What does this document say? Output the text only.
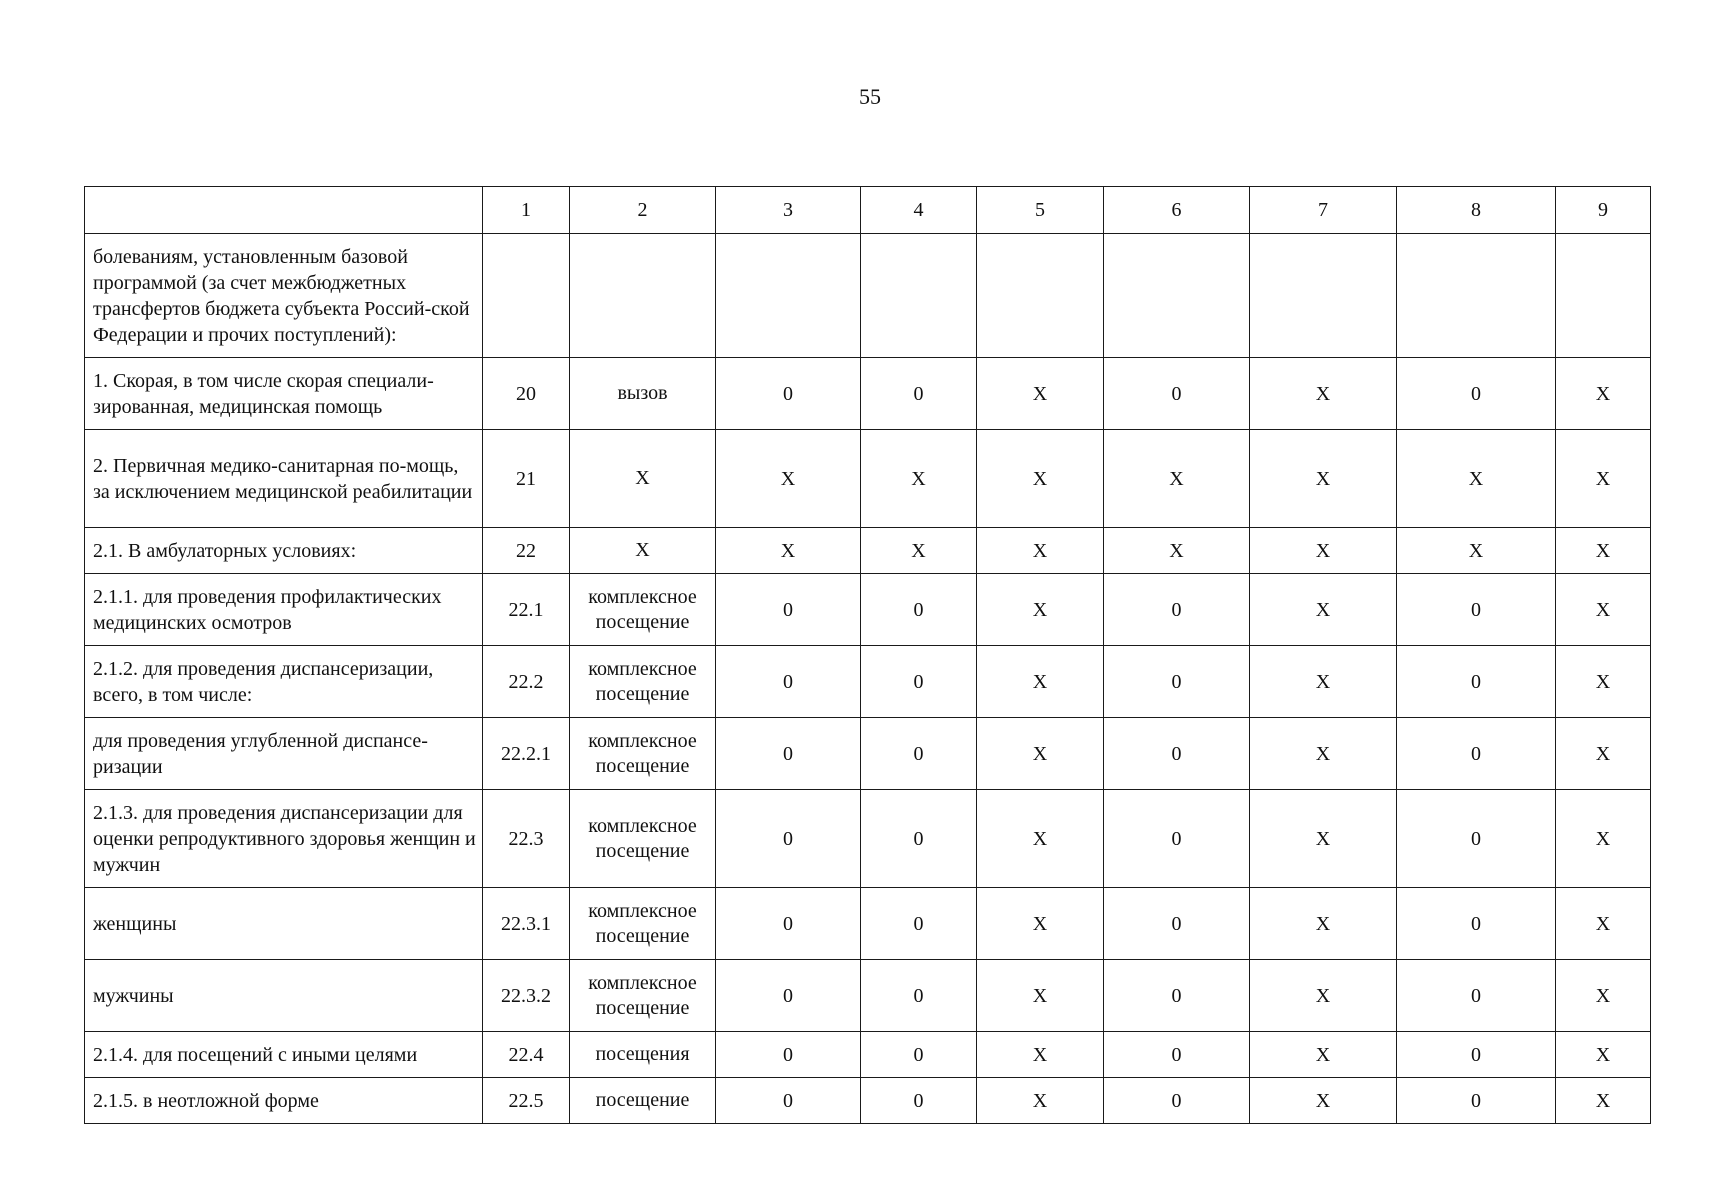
55
	1	2	3	4	5	6	7	8	9
болеваниям, установленным базовой программой (за счет межбюджетных трансфертов бюджета субъекта Россий-ской Федерации и прочих поступлений):									
1. Скорая, в том числе скорая специали-зированная, медицинская помощь	20	вызов	0	0	X	0	X	0	X
2. Первичная медико-санитарная по-мощь, за исключением медицинской реабилитации	21	X	X	X	X	X	X	X	X
2.1. В амбулаторных условиях:	22	X	X	X	X	X	X	X	X
2.1.1. для проведения профилактических медицинских осмотров	22.1	комплексное посещение	0	0	X	0	X	0	X
2.1.2. для проведения диспансеризации, всего, в том числе:	22.2	комплексное посещение	0	0	X	0	X	0	X
для проведения углубленной диспансе-ризации	22.2.1	комплексное посещение	0	0	X	0	X	0	X
2.1.3. для проведения диспансеризации для оценки репродуктивного здоровья женщин и мужчин	22.3	комплексное посещение	0	0	X	0	X	0	X
женщины	22.3.1	комплексное посещение	0	0	X	0	X	0	X
мужчины	22.3.2	комплексное посещение	0	0	X	0	X	0	X
2.1.4. для посещений с иными целями	22.4	посещения	0	0	X	0	X	0	X
2.1.5. в неотложной форме	22.5	посещение	0	0	X	0	X	0	X
